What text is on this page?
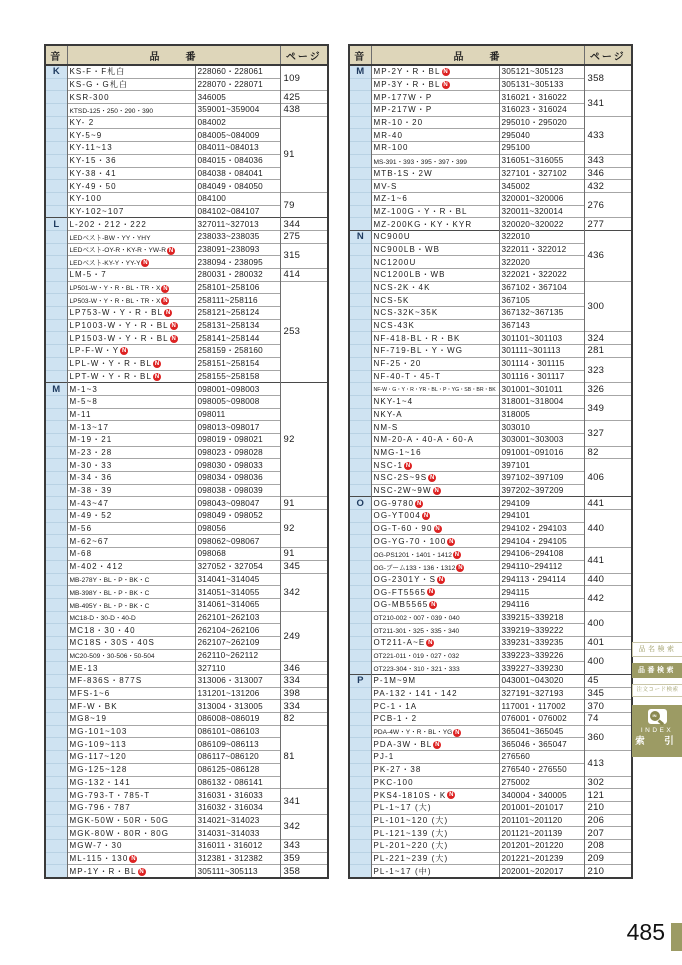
音	品　　番		ページ
K	KS-F・F札白	228060・228061	109
	KS-G・G札白	228070・228071	
	KSR-300	346005	425
	KTSD-125・250・290・390	359001~359004	438
	KY- 2	084002	91
	KY-5~9	084005~084009	
	KY-11~13	084011~084013	
	KY-15・36	084015・084036	
	KY-38・41	084038・084041	
	KY-49・50	084049・084050	
	KY-100	084100	79
	KY-102~107	084102~084107	
L	L-202・212・222	327011~327013	344
	LEDベスト-BW・YY・YHY	238033~238035	275
	LEDベスト-OY-R・KY-R・YW-R N	238091~238093	315
	LEDベスト-KY-Y・YY-Y N	238094・238095	
	LM-5・7	280031・280032	414
	LP501-W・Y・R・BL・TR・X N	258101~258106	253
	LP503-W・Y・R・BL・TR・X N	258111~258116	
	LP753-W・Y・R・BL N	258121~258124	
	LP1003-W・Y・R・BL N	258131~258134	
	LP1503-W・Y・R・BL N	258141~258144	
	LP-F-W・Y N	258159・258160	
	LPL-W・Y・R・BL N	258151~258154	
	LPT-W・Y・R・BL N	258155~258158	
M	M-1~3	098001~098003	92
	M-5~8	098005~098008	
	M-11	098011	
	M-13~17	098013~098017	
	M-19・21	098019・098021	
	M-23・28	098023・098028	
	M-30・33	098030・098033	
	M-34・36	098034・098036	
	M-38・39	098038・098039	
	M-43~47	098043~098047	91
	M-49・52	098049・098052	92
	M-56	098056	
	M-62~67	098062~098067	
	M-68	098068	91
	M-402・412	327052・327054	345
	MB-278Y・BL・P・BK・C	314041~314045	342
	MB-398Y・BL・P・BK・C	314051~314055	
	MB-495Y・BL・P・BK・C	314061~314065	
	MC18-D・30-D・40-D	262101~262103	249
	MC18・30・40	262104~262106	
	MC18S・30S・40S	262107~262109	
	MC20-509・30-506・50-504	262110~262112	
	ME-13	327110	346
	MF-836S・877S	313006・313007	334
	MFS-1~6	131201~131206	398
	MF-W・BK	313004・313005	334
	MG8~19	086008~086019	82
	MG-101~103	086101~086103	81
	MG-109~113	086109~086113	
	MG-117~120	086117~086120	
	MG-125~128	086125~086128	
	MG-132・141	086132・086141	
	MG-793-T・785-T	316031・316033	341
	MG-796・787	316032・316034	
	MGK-50W・50R・50G	314021~314023	342
	MGK-80W・80R・80G	314031~314033	
	MGW-7・30	316011・316012	343
	ML-115・130 N	312381・312382	359
	MP-1Y・R・BL N	305111~305113	358
音	品　　番		ページ
M	MP-2Y・R・BL N	305121~305123	358
	MP-3Y・R・BL N	305131~305133	
	MP-177W・P	316021・316022	341
	MP-217W・P	316023・316024	
	MR-10・20	295010・295020	433
	MR-40	295040	
	MR-100	295100	
	MS-391・393・395・397・399	316051~316055	343
	MTB-1S・2W	327101・327102	346
	MV-S	345002	432
	MZ-1~6	320001~320006	276
	MZ-100G・Y・R・BL	320011~320014	
	MZ-200KG・KY・KYR	320020~320022	277
N	NC900U	322010	436
	NC900LB・WB	322011・322012	
	NC1200U	322020	
	NC1200LB・WB	322021・322022	
	NCS-2K・4K	367102・367104	300
	NCS-5K	367105	
	NCS-32K~35K	367132~367135	
	NCS-43K	367143	
	NF-418-BL・R・BK	301101~301103	324
	NF-719-BL・Y・WG	301111~301113	281
	NF-25・20	301114・301115	323
	NF-40-T・45-T	301116・301117	
	NF-W・G・Y・R・YR・BL・P・YG・SB・BR・BK	301001~301011	326
	NKY-1~4	318001~318004	349
	NKY-A	318005	
	NM-S	303010	327
	NM-20-A・40-A・60-A	303001~303003	
	NMG-1~16	091001~091016	82
	NSC-1 N	397101	406
	NSC-2S~9S N	397102~397109	
	NSC-2W~9W N	397202~397209	
O	OG-9780 N	294109	441
	OG-YT004 N	294101	440
	OG-T-60・90 N	294102・294103	
	OG-YG-70・100 N	294104・294105	
	OG-PS1201・1401・1412 N	294106~294108	441
	OG-ブーム133・136・1312 N	294110~294112	
	OG-2301Y・S N	294113・294114	440
	OG-FT5565 N	294115	442
	OG-MB5565 N	294116	
	OT210-002・007・039・040	339215~339218	400
	OT211-301・325・335・340	339219~339222	
	OT211-A~E N	339231~339235	401
	OT221-011・019・027・032	339223~339226	400
	OT223-304・310・321・333	339227~339230	
P	P-1M~9M	043001~043020	45
	PA-132・141・142	327191~327193	345
	PC-1・1A	117001・117002	370
	PCB-1・2	076001・076002	74
	PDA-4W・Y・R・BL・YG N	365041~365045	360
	PDA-3W・BL N	365046・365047	
	PJ-1	276560	413
	PK-27・38	276540・276550	
	PKC-100	275002	302
	PKS4-1810S・K N	340004・340005	121
	PL-1~17 (大)	201001~201017	210
	PL-101~120 (大)	201101~201120	206
	PL-121~139 (大)	201121~201139	207
	PL-201~220 (大)	201201~201220	208
	PL-221~239 (大)	201221~201239	209
	PL-1~17 (中)	202001~202017	210
品名検索
品番検索
注文コード検索
IN
INDEX
索　引
485
